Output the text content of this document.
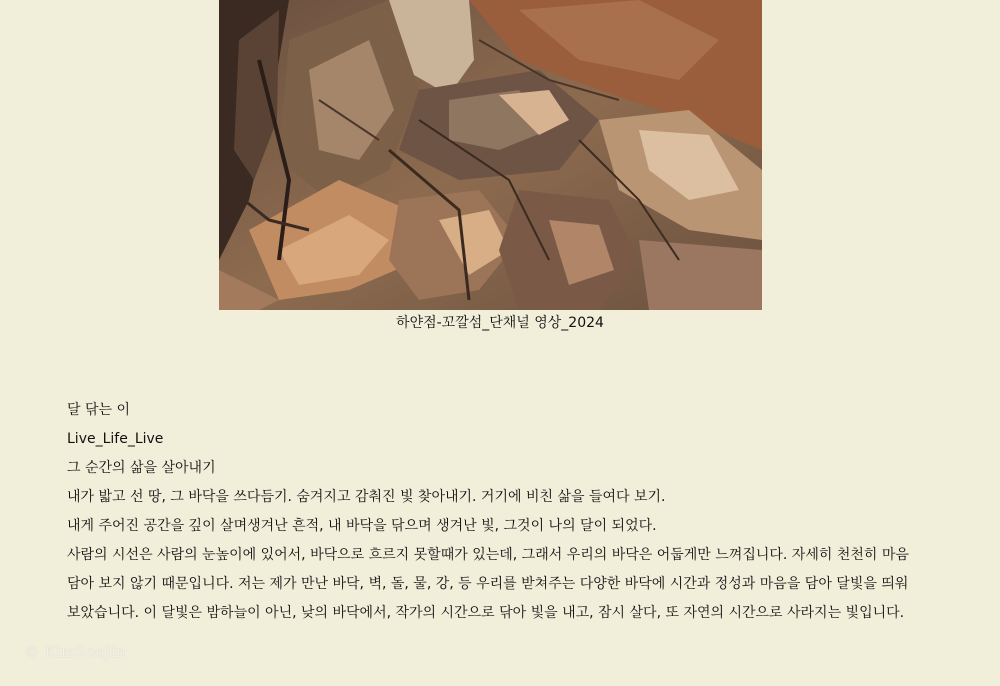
하얀점-꼬깔섬_단채널 영상_2024

달 닦는 이

Live_Life_Live

그 순간의 삶을 살아내기

내가 밟고 선 땅, 그 바닥을 쓰다듬기. 숨겨지고 감춰진 빛 찾아내기. 거기에 비친 삶을 들여다 보기.

내게 주어진 공간을 깊이 살며생겨난 흔적, 내 바닥을 닦으며 생겨난 빛, 그것이 나의 달이 되었다.

사람의 시선은 사람의 눈높이에 있어서, 바닥으로 흐르지 못할때가 있는데, 그래서 우리의 바닥은 어둡게만 느껴집니다. 자세히 천천히 마음담아 보지 않기 때문입니다. 저는 제가 만난 바닥, 벽, 돌, 물, 강, 등 우리를 받쳐주는 다양한 바닥에 시간과 정성과 마음을 담아 달빛을 띄워 보았습니다. 이 달빛은 밤하늘이 아닌, 낮의 바닥에서, 작가의 시간으로 닦아 빛을 내고, 잠시 살다, 또 자연의 시간으로 사라지는 빛입니다.

© KimSooJin
